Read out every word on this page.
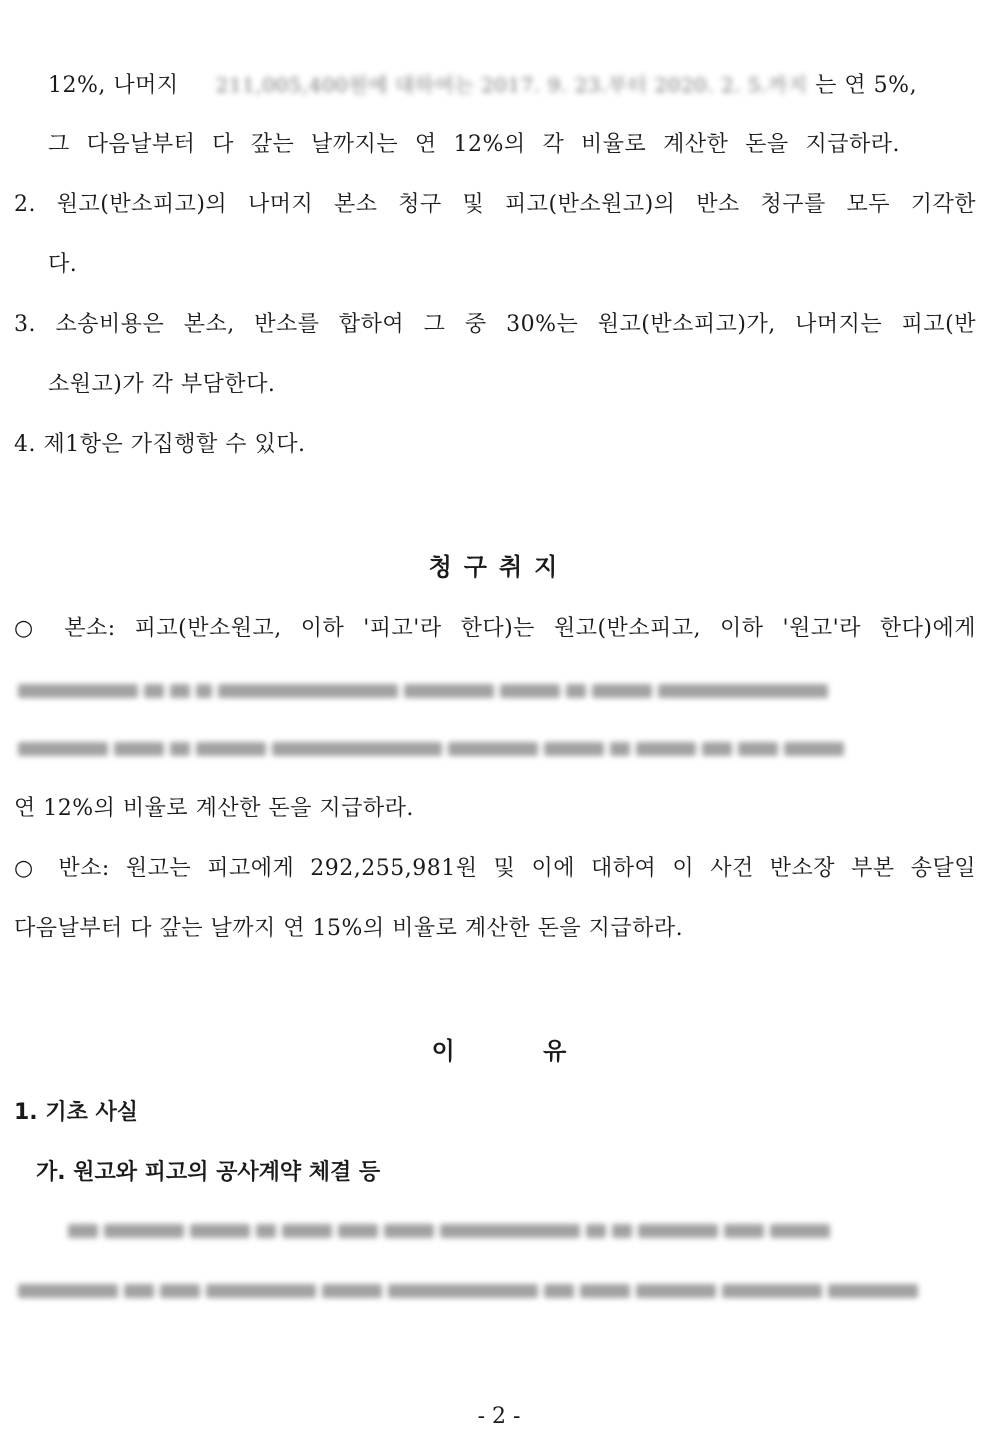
12%, 나머지 211,005,400원에 대하여는 2017. 9. 23.부터 2020. 2. 5.까지 는 연 5%,
그 다음날부터 다 갚는 날까지는 연 12%의 각 비율로 계산한 돈을 지급하라.
2. 원고(반소피고)의 나머지 본소 청구 및 피고(반소원고)의 반소 청구를 모두 기각한
다.
3. 소송비용은 본소, 반소를 합하여 그 중 30%는 원고(반소피고)가, 나머지는 피고(반
소원고)가 각 부담한다.
4. 제1항은 가집행할 수 있다.
청구취지
○ 본소: 피고(반소원고, 이하 '피고'라 한다)는 원고(반소피고, 이하 '원고'라 한다)에게
연 12%의 비율로 계산한 돈을 지급하라.
○ 반소: 원고는 피고에게 292,255,981원 및 이에 대하여 이 사건 반소장 부본 송달일
다음날부터 다 갚는 날까지 연 15%의 비율로 계산한 돈을 지급하라.
이 유
1. 기초 사실
가. 원고와 피고의 공사계약 체결 등
- 2 -
